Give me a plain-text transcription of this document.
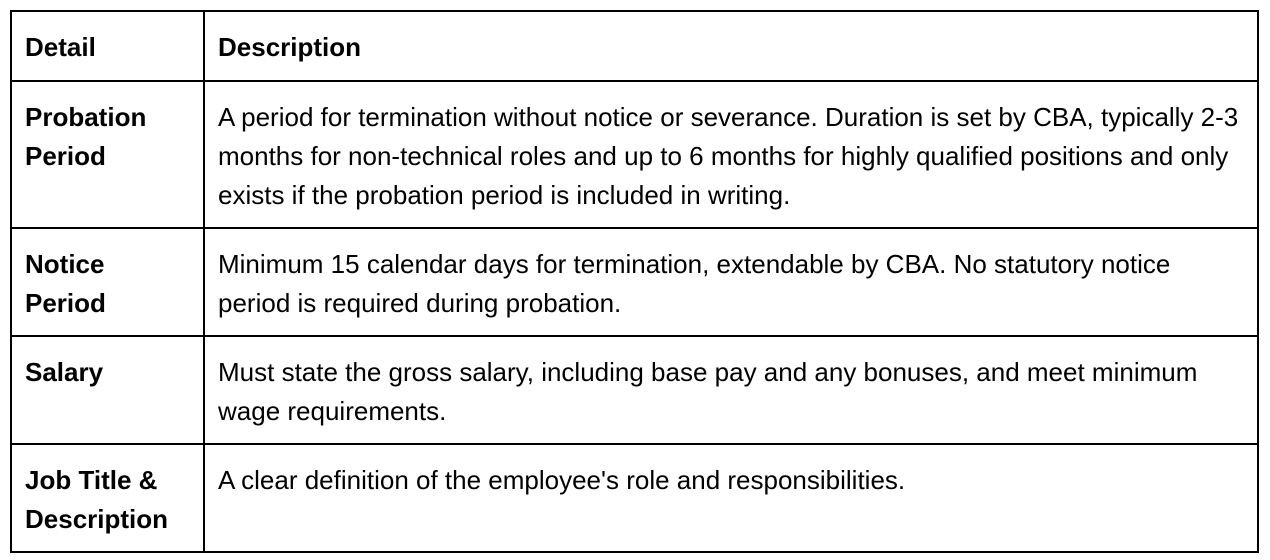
Detail	Description
Probation Period	A period for termination without notice or severance. Duration is set by CBA, typically 2-3 months for non-technical roles and up to 6 months for highly qualified positions and only exists if the probation period is included in writing.
Notice Period	Minimum 15 calendar days for termination, extendable by CBA. No statutory notice period is required during probation.
Salary	Must state the gross salary, including base pay and any bonuses, and meet minimum wage requirements.
Job Title & Description	A clear definition of the employee's role and responsibilities.
